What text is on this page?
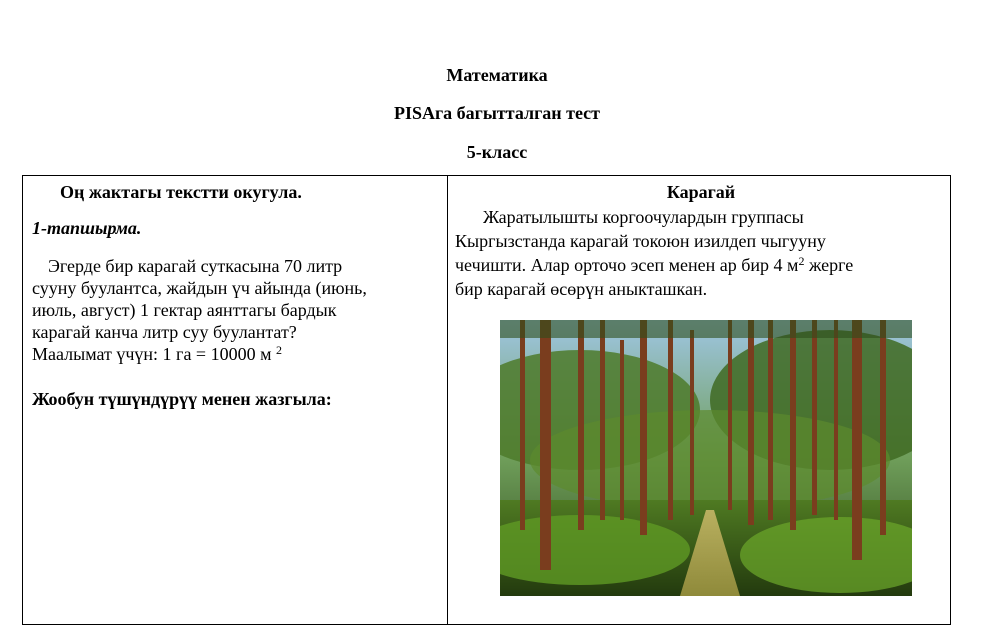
Математика
PISAга багытталган тест
5-класс
Оң жактагы текстти окугула.
1-тапшырма.
Эгерде бир карагай суткасына 70 литр
сууну буулантса, жайдын үч айында (июнь,
июль, август) 1 гектар аянттагы бардык
карагай канча литр суу буулантат?
Маалымат үчүн: 1 га = 10000 м $^2$
Жообун түшүндүрүү менен жазгыла:
Карагай
Жаратылышты коргоочулардын группасы
Кыргызстанда карагай токоюн изилдеп чыгууну
чечишти. Алар орточо эсеп менен ар бир 4 $м^2$ жерге
бир карагай өсөрүн аныкташкан.
